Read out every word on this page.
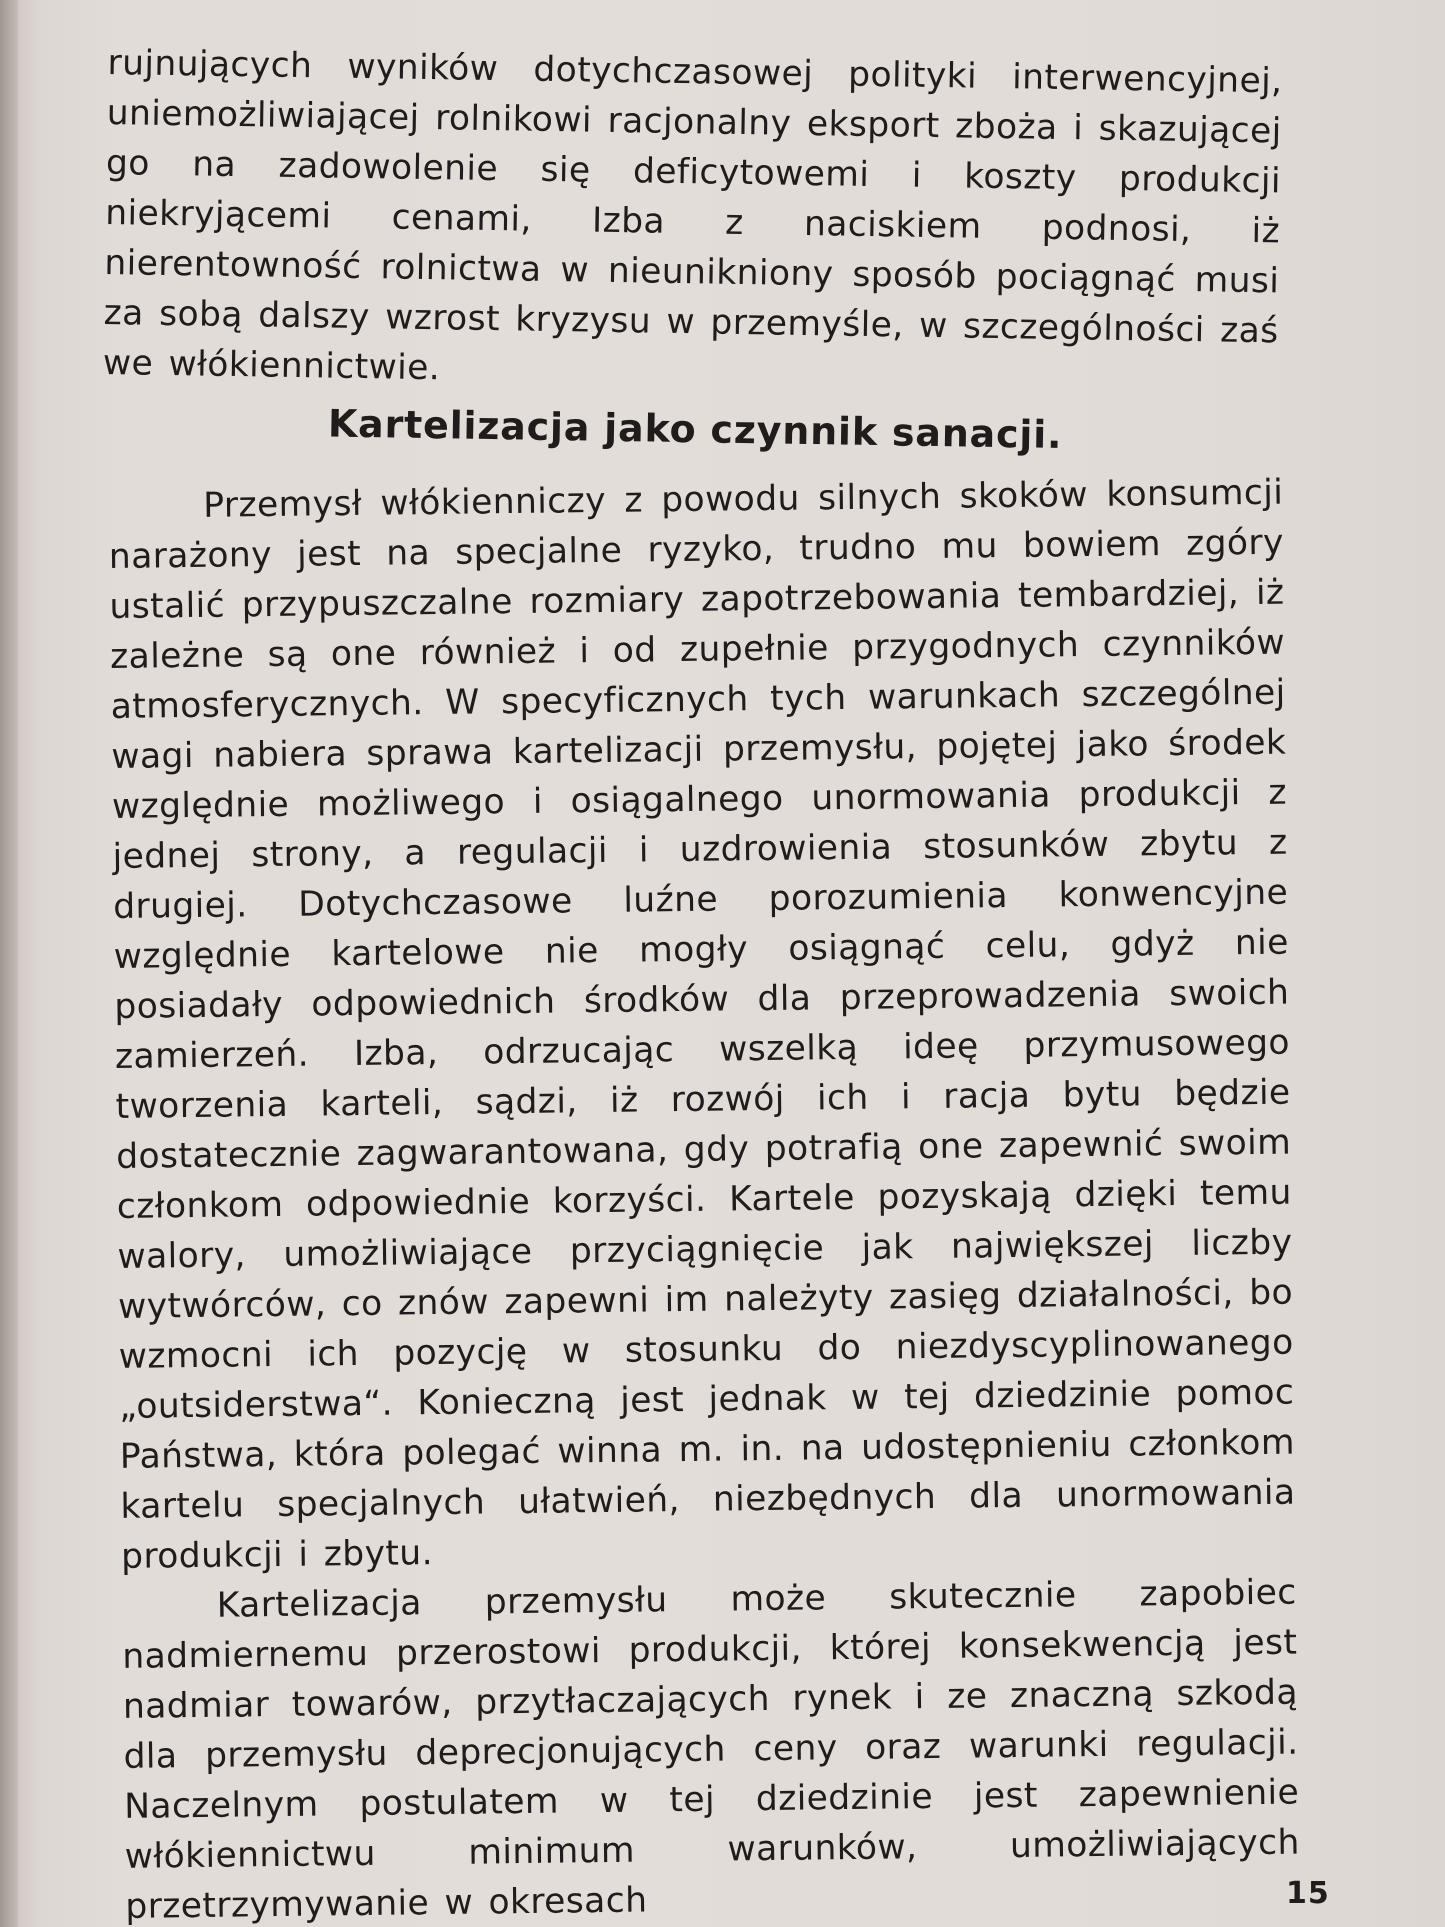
rujnujących wyników dotychczasowej polityki interwencyjnej, uniemożliwiającej rolnikowi racjonalny eksport zboża i skazującej go na zadowolenie się deficytowemi i koszty produkcji niekryjącemi cenami, Izba z naciskiem podnosi, iż nierentowność rolnictwa w nieunikniony sposób pociągnąć musi za sobą dalszy wzrost kryzysu w przemyśle, w szczególności zaś we włókiennictwie.

Kartelizacja jako czynnik sanacji.

Przemysł włókienniczy z powodu silnych skoków konsumcji narażony jest na specjalne ryzyko, trudno mu bowiem zgóry ustalić przypuszczalne rozmiary zapotrzebowania tembardziej, iż zależne są one również i od zupełnie przygodnych czynników atmosferycznych. W specyficznych tych warunkach szczególnej wagi nabiera sprawa kartelizacji przemysłu, pojętej jako środek względnie możliwego i osiągalnego unormowania produkcji z jednej strony, a regulacji i uzdrowienia stosunków zbytu z drugiej. Dotychczasowe luźne porozumienia konwencyjne względnie kartelowe nie mogły osiągnąć celu, gdyż nie posiadały odpowiednich środków dla przeprowadzenia swoich zamierzeń. Izba, odrzucając wszelką ideę przymusowego tworzenia karteli, sądzi, iż rozwój ich i racja bytu będzie dostatecznie zagwarantowana, gdy potrafią one zapewnić swoim członkom odpowiednie korzyści. Kartele pozyskają dzięki temu walory, umożliwiające przyciągnięcie jak największej liczby wytwórców, co znów zapewni im należyty zasięg działalności, bo wzmocni ich pozycję w stosunku do niezdyscyplinowanego „outsiderstwa“. Konieczną jest jednak w tej dziedzinie pomoc Państwa, która polegać winna m. in. na udostępnieniu członkom kartelu specjalnych ułatwień, niezbędnych dla unormowania produkcji i zbytu.

Kartelizacja przemysłu może skutecznie zapobiec nadmiernemu przerostowi produkcji, której konsekwencją jest nadmiar towarów, przytłaczających rynek i ze znaczną szkodą dla przemysłu deprecjonujących ceny oraz warunki regulacji. Naczelnym postulatem w tej dziedzinie jest zapewnienie włókiennictwu minimum warunków, umożliwiających przetrzymywanie w okresach	15
